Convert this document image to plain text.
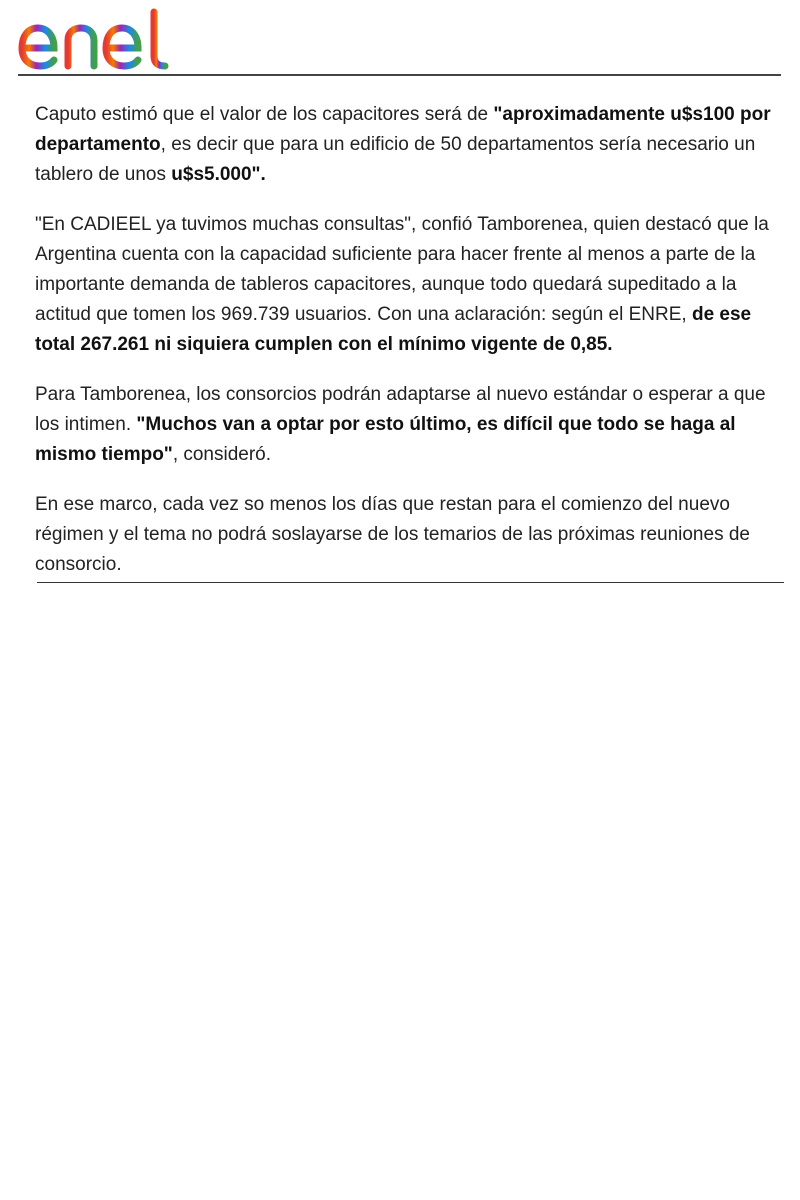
Caputo estimó que el valor de los capacitores será de "aproximadamente u$s100 por departamento, es decir que para un edificio de 50 departamentos sería necesario un tablero de unos u$s5.000".

"En CADIEEL ya tuvimos muchas consultas", confió Tamborenea, quien destacó que la Argentina cuenta con la capacidad suficiente para hacer frente al menos a parte de la importante demanda de tableros capacitores, aunque todo quedará supeditado a la actitud que tomen los 969.739 usuarios. Con una aclaración: según el ENRE, de ese total 267.261 ni siquiera cumplen con el mínimo vigente de 0,85.

Para Tamborenea, los consorcios podrán adaptarse al nuevo estándar o esperar a que los intimen. "Muchos van a optar por esto último, es difícil que todo se haga al mismo tiempo", consideró.

En ese marco, cada vez so menos los días que restan para el comienzo del nuevo régimen y el tema no podrá soslayarse de los temarios de las próximas reuniones de consorcio.
